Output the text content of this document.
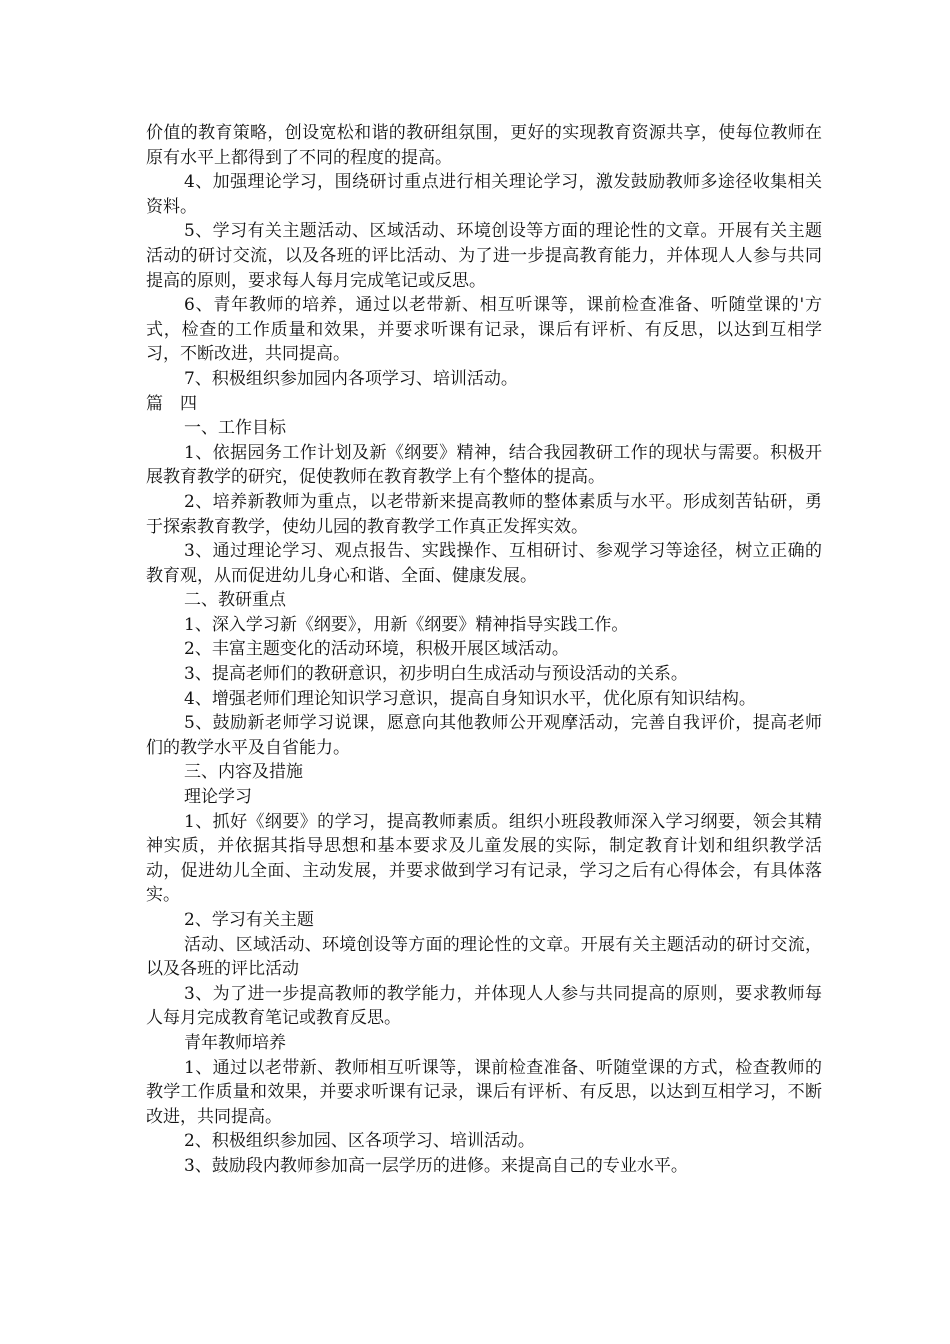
价值的教育策略，创设宽松和谐的教研组氛围，更好的实现教育资源共享，使每位教师在原有水平上都得到了不同的程度的提高。

4、加强理论学习，围绕研讨重点进行相关理论学习，激发鼓励教师多途径收集相关资料。

5、学习有关主题活动、区域活动、环境创设等方面的理论性的文章。开展有关主题活动的研讨交流，以及各班的评比活动、为了进一步提高教育能力，并体现人人参与共同提高的原则，要求每人每月完成笔记或反思。

6、青年教师的培养，通过以老带新、相互听课等，课前检查准备、听随堂课的'方式，检查的工作质量和效果，并要求听课有记录，课后有评析、有反思，以达到互相学习，不断改进，共同提高。

7、积极组织参加园内各项学习、培训活动。

篇　四

一、工作目标

1、依据园务工作计划及新《纲要》精神，结合我园教研工作的现状与需要。积极开展教育教学的研究，促使教师在教育教学上有个整体的提高。

2、培养新教师为重点，以老带新来提高教师的整体素质与水平。形成刻苦钻研，勇于探索教育教学，使幼儿园的教育教学工作真正发挥实效。

3、通过理论学习、观点报告、实践操作、互相研讨、参观学习等途径，树立正确的教育观，从而促进幼儿身心和谐、全面、健康发展。

二、教研重点

1、深入学习新《纲要》，用新《纲要》精神指导实践工作。

2、丰富主题变化的活动环境，积极开展区域活动。

3、提高老师们的教研意识，初步明白生成活动与预设活动的关系。

4、增强老师们理论知识学习意识，提高自身知识水平，优化原有知识结构。

5、鼓励新老师学习说课，愿意向其他教师公开观摩活动，完善自我评价，提高老师们的教学水平及自省能力。

三、内容及措施

理论学习

1、抓好《纲要》的学习，提高教师素质。组织小班段教师深入学习纲要，领会其精神实质，并依据其指导思想和基本要求及儿童发展的实际，制定教育计划和组织教学活动，促进幼儿全面、主动发展，并要求做到学习有记录，学习之后有心得体会，有具体落实。

2、学习有关主题

活动、区域活动、环境创设等方面的理论性的文章。开展有关主题活动的研讨交流，以及各班的评比活动

3、为了进一步提高教师的教学能力，并体现人人参与共同提高的原则，要求教师每人每月完成教育笔记或教育反思。

青年教师培养

1、通过以老带新、教师相互听课等，课前检查准备、听随堂课的方式，检查教师的教学工作质量和效果，并要求听课有记录，课后有评析、有反思，以达到互相学习，不断改进，共同提高。

2、积极组织参加园、区各项学习、培训活动。

3、鼓励段内教师参加高一层学历的进修。来提高自己的专业水平。
